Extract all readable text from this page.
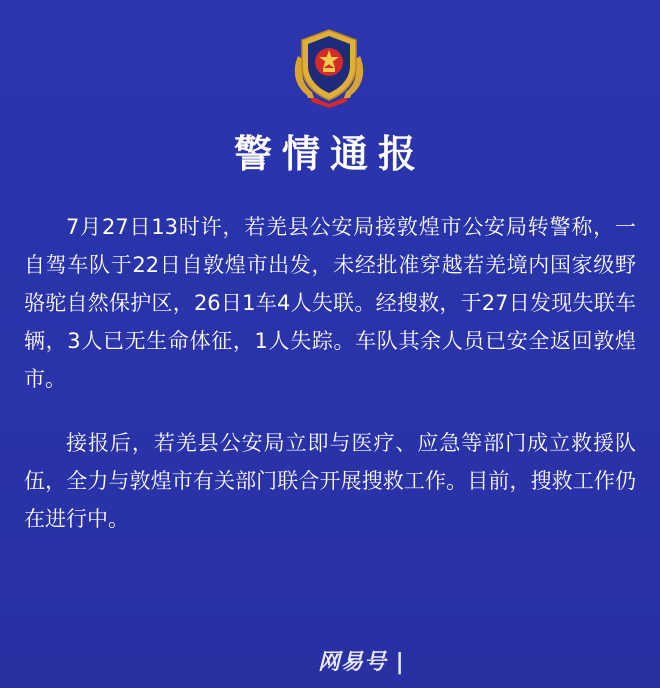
警情通报

7月27日13时许，若羌县公安局接敦煌市公安局转警称，一自驾车队于22日自敦煌市出发，未经批准穿越若羌境内国家级野骆驼自然保护区，26日1车4人失联。经搜救，于27日发现失联车辆，3人已无生命体征，1人失踪。车队其余人员已安全返回敦煌市。

接报后，若羌县公安局立即与医疗、应急等部门成立救援队伍，全力与敦煌市有关部门联合开展搜救工作。目前，搜救工作仍在进行中。

网易号 |
